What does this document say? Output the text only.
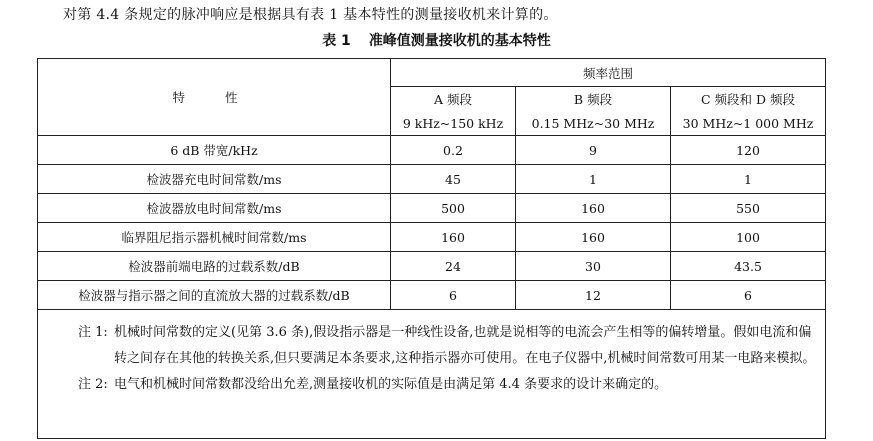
对第 4.4 条规定的脉冲响应是根据具有表 1 基本特性的测量接收机来计算的。
表 1 准峰值测量接收机的基本特性
特 性	频率范围		
	A 频段	B 频段	C 频段和 D 频段
	9 kHz~150 kHz	0.15 MHz~30 MHz	30 MHz~1 000 MHz
6 dB 带宽/kHz	0.2	9	120
检波器充电时间常数/ms	45	1	1
检波器放电时间常数/ms	500	160	550
临界阻尼指示器机械时间常数/ms	160	160	100
检波器前端电路的过载系数/dB	24	30	43.5
检波器与指示器之间的直流放大器的过载系数/dB	6	12	6

注 1: 机械时间常数的定义(见第 3.6 条),假设指示器是一种线性设备,也就是说相等的电流会产生相等的偏转增量。假如电流和偏转之间存在其他的转换关系,但只要满足本条要求,这种指示器亦可使用。在电子仪器中,机械时间常数可用某一电路来模拟。
注 2: 电气和机械时间常数都没给出允差,测量接收机的实际值是由满足第 4.4 条要求的设计来确定的。			
